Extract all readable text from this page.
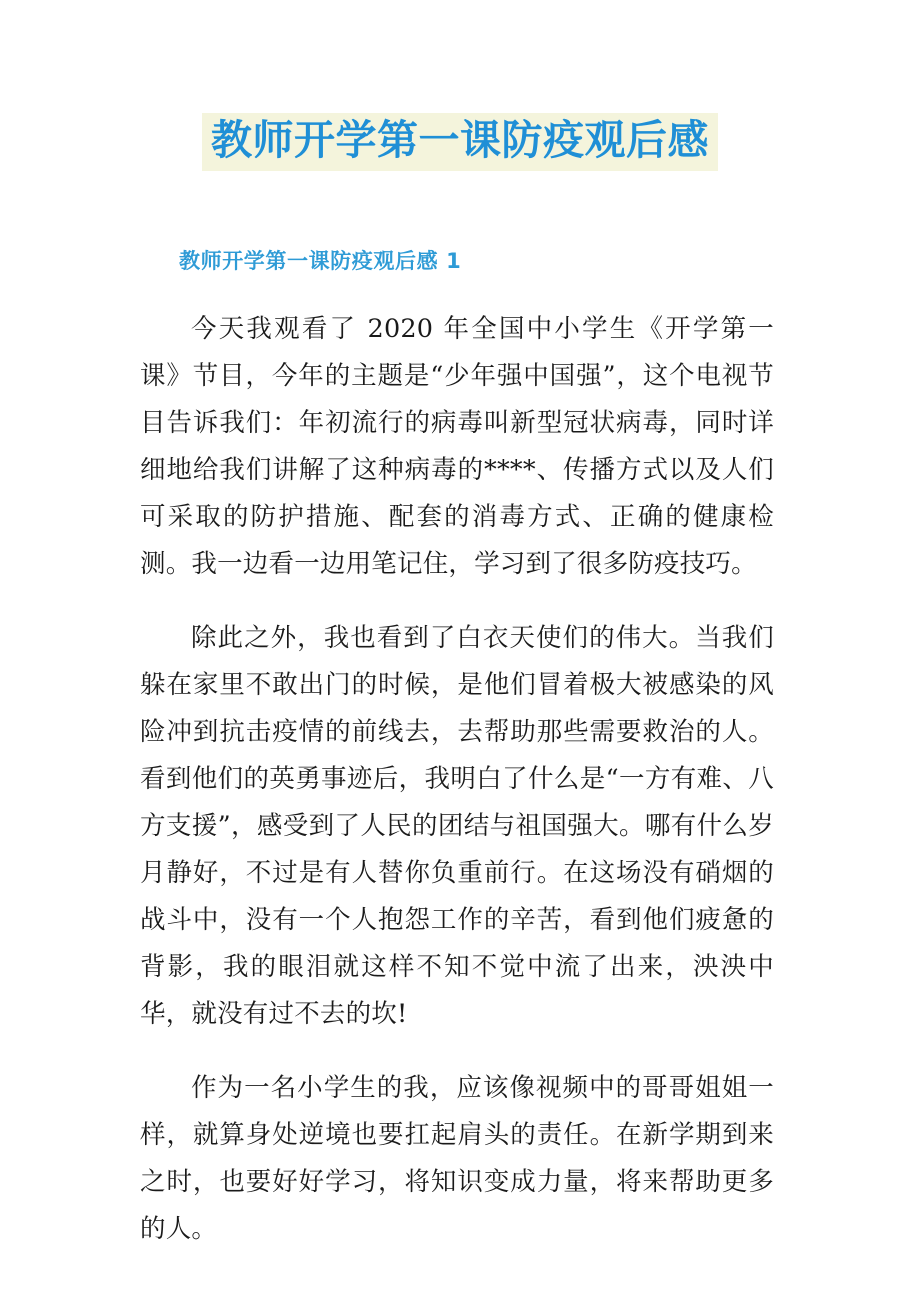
教师开学第一课防疫观后感
教师开学第一课防疫观后感 1

今天我观看了 2020 年全国中小学生《开学第一课》节目，今年的主题是“少年强中国强”，这个电视节目告诉我们：年初流行的病毒叫新型冠状病毒，同时详细地给我们讲解了这种病毒的****、传播方式以及人们可采取的防护措施、配套的消毒方式、正确的健康检测。我一边看一边用笔记住，学习到了很多防疫技巧。

除此之外，我也看到了白衣天使们的伟大。当我们躲在家里不敢出门的时候，是他们冒着极大被感染的风险冲到抗击疫情的前线去，去帮助那些需要救治的人。看到他们的英勇事迹后，我明白了什么是“一方有难、八方支援”，感受到了人民的团结与祖国强大。哪有什么岁月静好，不过是有人替你负重前行。在这场没有硝烟的战斗中，没有一个人抱怨工作的辛苦，看到他们疲惫的背影，我的眼泪就这样不知不觉中流了出来，泱泱中华，就没有过不去的坎!

作为一名小学生的我，应该像视频中的哥哥姐姐一样，就算身处逆境也要扛起肩头的责任。在新学期到来之时，也要好好学习，将知识变成力量，将来帮助更多的人。
